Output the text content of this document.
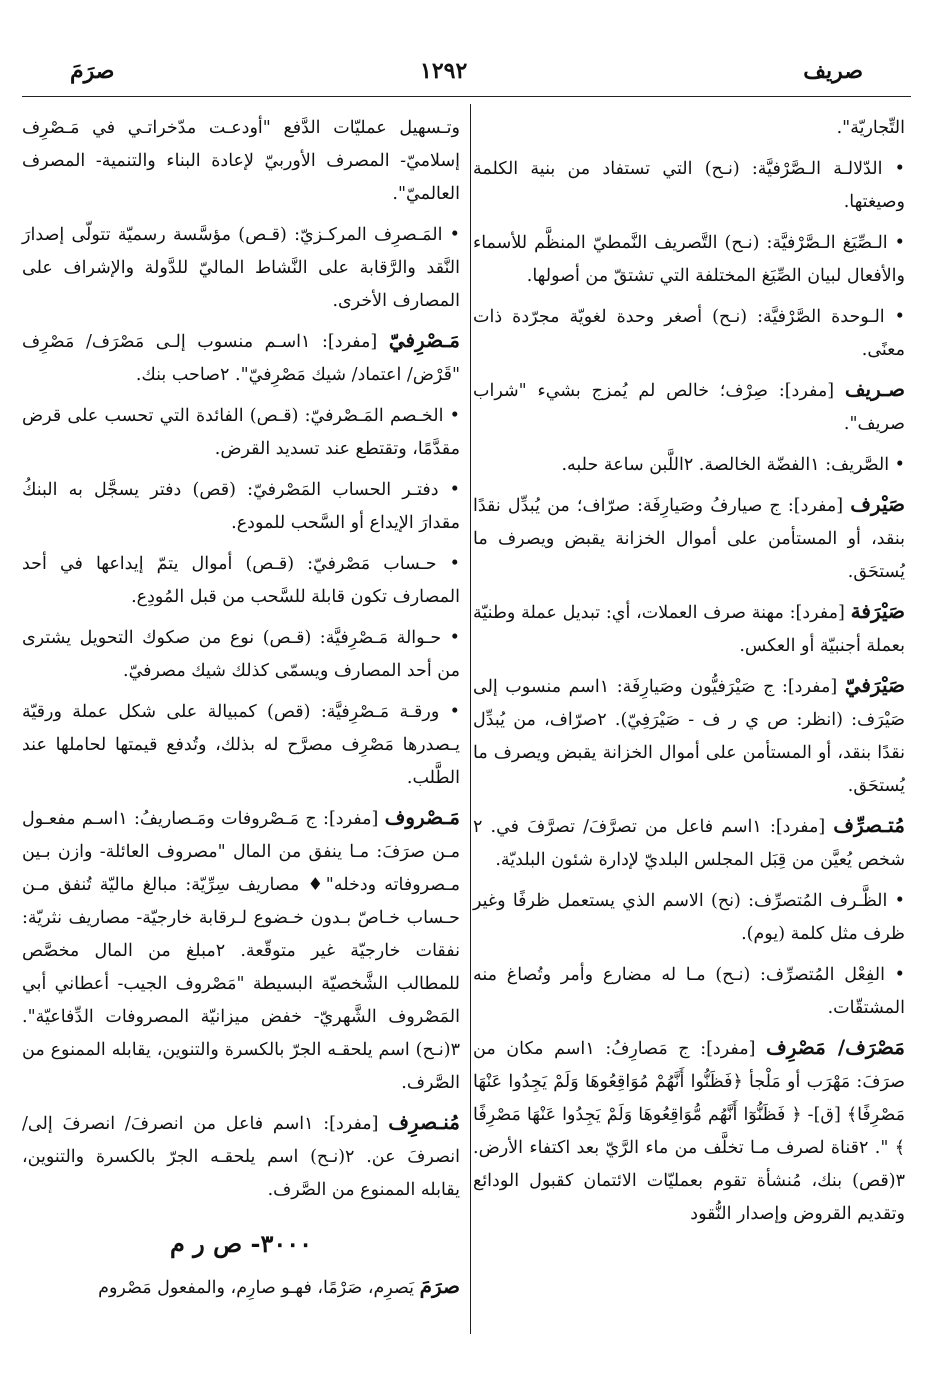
صريف
١٢٩٢
صرَمَ

التِّجاريّة".

• الدّلالـة الـصَّرْفيَّة: (نـح) التي تستفاد من بنية الكلمة وصيغتها.

• الـصِّيَغ الـصَّرْفيَّة: (نـح) التَّصريف النَّمطيّ المنظَّم للأسماء والأفعال لبيان الصِّيَغ المختلفة التي تشتقّ من أصولها.

• الـوحدة الصَّرْفيَّة: (نـح) أصغر وحدة لغويّة مجرّدة ذات معنًى.

صـريف [مفرد]: صِرْف؛ خالص لم يُمزج بشيء "شراب صريف".

• الصَّريف: ١الفضّة الخالصة. ٢اللَّبن ساعة حلبه.

صَيْرف [مفرد]: ج صيارفُ وصَيارِفَة: صرّاف؛ من يُبدِّل نقدًا بنقد، أو المستأمن على أموال الخزانة يقبض ويصرف ما يُستحَق.

صَيْرَفة [مفرد]: مهنة صرف العملات، أي: تبديل عملة وطنيّة بعملة أجنبيّة أو العكس.

صَيْرَفيّ [مفرد]: ج صَيْرَفيُّون وصَيارِفَة: ١اسم منسوب إلى صَيْرَف: (انظر: ص ي ر ف - صَيْرَفِيّ). ٢صرّاف، من يُبدِّل نقدًا بنقد، أو المستأمن على أموال الخزانة يقبض ويصرف ما يُستحَق.

مُتـصرِّف [مفرد]: ١اسم فاعل من تصرَّفَ/ تصرَّفَ في. ٢ شخص يُعيَّن من قِبَل المجلس البلديّ لإدارة شئون البلديّة.

• الظَّـرف المُتصرِّف: (نح) الاسم الذي يستعمل ظرفًا وغير ظرف مثل كلمة (يوم).

• الفِعْل المُتصرِّف: (نـح) مـا له مضارع وأمر وتُصاغ منه المشتقّات.

مَصْرَف/ مَصْرِف [مفرد]: ج مَصارِفُ: ١اسم مكان من صرَفَ: مَهْرَب أو مَلْجأ ﴿فَظَنُّوا أَنَّهُمْ مُوَاقِعُوهَا وَلَمْ يَجِدُوا عَنْهَا مَصْرِفًا﴾ [ق]- ﴿ فَظَنُّوٓا أَنَّهُم مُّوَاقِعُوهَا وَلَمْ يَجِدُوا عَنْهَا مَصْرِفًا ﴾ ". ٢قناة لصرف مـا تخلَّف من ماء الرَّيّ بعد اكتفاء الأرض. ٣(قص) بنك، مُنشأة تقوم بعمليّات الائتمان كقبول الودائع وتقديم القروض وإصدار النُّقود

وتـسهيل عمليّات الدَّفع "أودعـت مدّخراتـي في مَـصْرِف إسلاميّ- المصرف الأوربيّ لإعادة البناء والتنمية- المصرف العالميّ".

• المَـصرِف المركـزيّ: (قـص) مؤسَّسة رسميّة تتولّى إصدارَ النَّقد والرَّقابة على النَّشاط الماليّ للدَّولة والإشراف على المصارف الأخرى.

مَـصْرِفيّ [مفرد]: ١اسـم منسوب إلـى مَصْرَف/ مَصْرِف "قَرْض/ اعتماد/ شيك مَصْرِفيّ". ٢صاحب بنك.

• الخـصم المَـصْرفيّ: (قـص) الفائدة التي تحسب على قرض مقدَّمًا، وتقتطع عند تسديد القرض.

• دفتـر الحساب المَصْرفيّ: (قص) دفتر يسجَّل به البنكُ مقدارَ الإيداع أو السَّحب للمودع.

• حـساب مَصْرفيّ: (قـص) أموال يتمّ إيداعها في أحد المصارف تكون قابلة للسَّحب من قبل المُودِع.

• حـوالة مَـصْرِفيَّة: (قـص) نوع من صكوك التحويل يشترى من أحد المصارف ويسمّى كذلك شيك مصرفيّ.

• ورقـة مَـصْرِفيَّة: (قص) كمبيالة على شكل عملة ورقيّة يـصدرها مَصْرِف مصرَّح له بذلك، وتُدفع قيمتها لحاملها عند الطَّلب.

مَـصْروف [مفرد]: ج مَـصْروفات ومَـصاريفُ: ١اسـم مفعـول مـن صرَفَ: مـا ينفق من المال "مصروف العائلة- وازن بـين مـصروفاته ودخله"♦ مصاريف سِرِّيّة: مبالغ ماليّة تُنفق مـن حـساب خـاصّ بـدون خـضوع لـرقابة خارجيّة- مصاريف نثريّة: نفقات خارجيّة غير متوقّعة. ٢مبلغ من المال مخصَّص للمطالب الشَّخصيّة البسيطة "مَصْروف الجيب- أعطاني أبي المَصْروف الشَّهريّ- خفض ميزانيّة المصروفات الدِّفاعيّة". ٣(نـح) اسم يلحقـه الجرّ بالكسرة والتنوين، يقابله الممنوع من الصَّرف.

مُنـصرِف [مفرد]: ١اسم فاعل من انصرفَ/ انصرفَ إلى/ انصرفَ عن. ٢(نـح) اسم يلحقـه الجرّ بالكسرة والتنوين، يقابله الممنوع من الصَّرف.

٣٠٠٠- ص ر م

صرَمَ يَصرِم، صَرْمًا، فهـو صارِم، والمفعول مَصْروم
